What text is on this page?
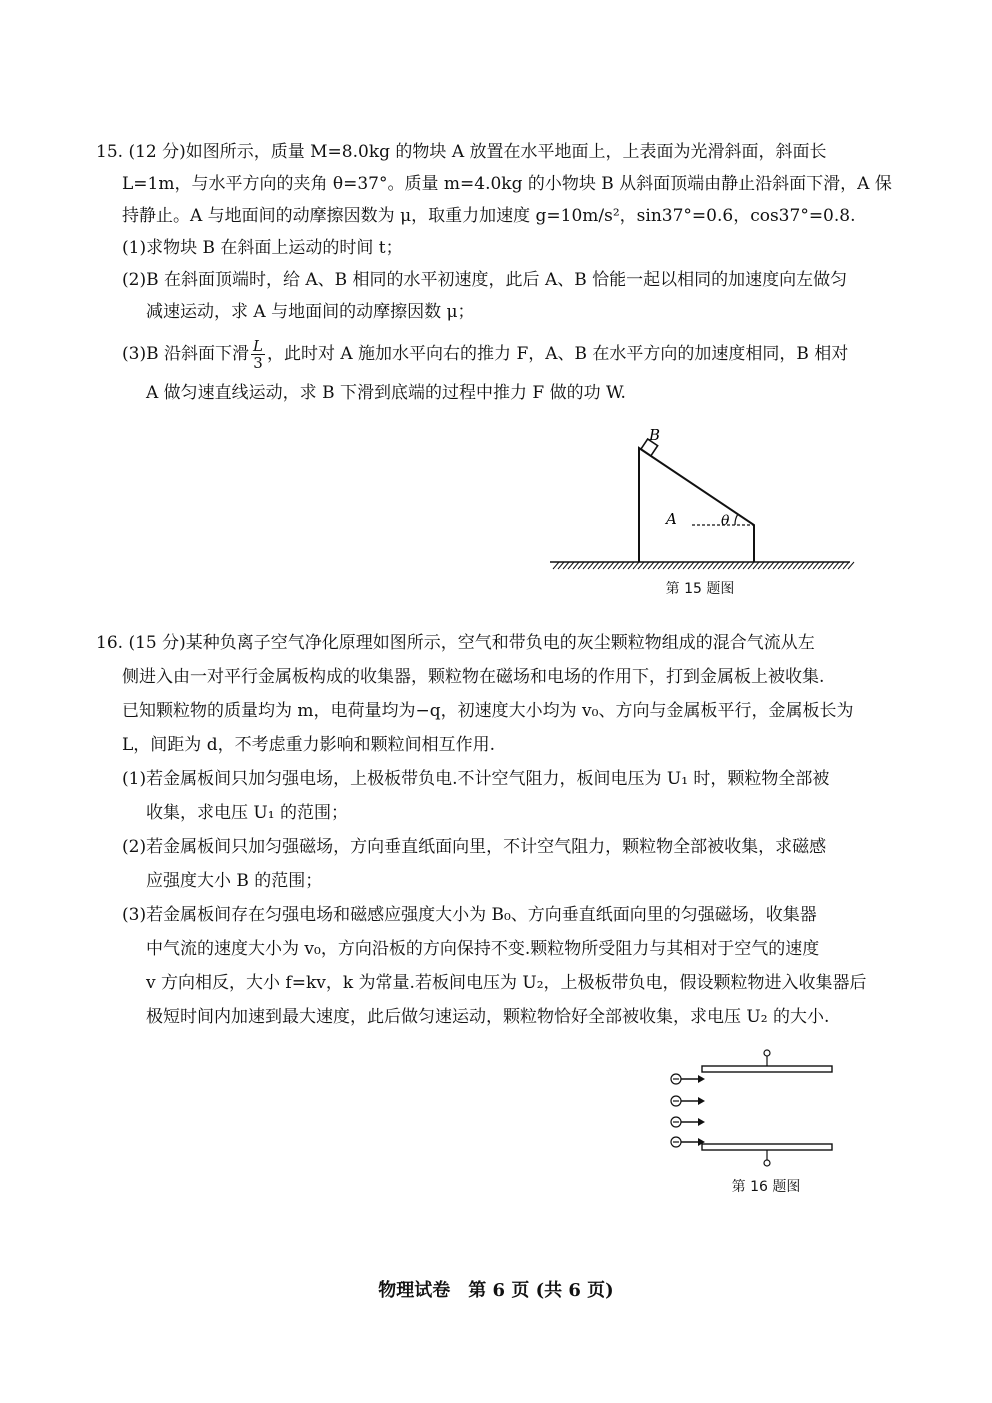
15. (12 分)如图所示，质量 M=8.0kg 的物块 A 放置在水平地面上，上表面为光滑斜面，斜面长

L=1m，与水平方向的夹角 θ=37°。质量 m=4.0kg 的小物块 B 从斜面顶端由静止沿斜面下滑，A 保

持静止。A 与地面间的动摩擦因数为 μ，取重力加速度 g=10m/s²，sin37°=0.6，cos37°=0.8.

(1)求物块 B 在斜面上运动的时间 t；

(2)B 在斜面顶端时，给 A、B 相同的水平初速度，此后 A、B 恰能一起以相同的加速度向左做匀

减速运动，求 A 与地面间的动摩擦因数 μ；

(3)B 沿斜面下滑 $\frac{L}{3}$ ，此时对 A 施加水平向右的推力 F，A、B 在水平方向的加速度相同，B 相对

A 做匀速直线运动，求 B 下滑到底端的过程中推力 F 做的功 W.

B
A	θ
第 15 题图

16. (15 分)某种负离子空气净化原理如图所示，空气和带负电的灰尘颗粒物组成的混合气流从左

侧进入由一对平行金属板构成的收集器，颗粒物在磁场和电场的作用下，打到金属板上被收集.

已知颗粒物的质量均为 m，电荷量均为−q，初速度大小均为 v₀、方向与金属板平行，金属板长为

L，间距为 d，不考虑重力影响和颗粒间相互作用.

(1)若金属板间只加匀强电场，上极板带负电.不计空气阻力，板间电压为 U₁ 时，颗粒物全部被

收集，求电压 U₁ 的范围；

(2)若金属板间只加匀强磁场，方向垂直纸面向里，不计空气阻力，颗粒物全部被收集，求磁感

应强度大小 B 的范围；

(3)若金属板间存在匀强电场和磁感应强度大小为 B₀、方向垂直纸面向里的匀强磁场，收集器

中气流的速度大小为 v₀，方向沿板的方向保持不变.颗粒物所受阻力与其相对于空气的速度

v 方向相反，大小 f=kv，k 为常量.若板间电压为 U₂，上极板带负电，假设颗粒物进入收集器后

极短时间内加速到最大速度，此后做匀速运动，颗粒物恰好全部被收集，求电压 U₂ 的大小.

第 16 题图
物理试卷　第 6 页 (共 6 页)
